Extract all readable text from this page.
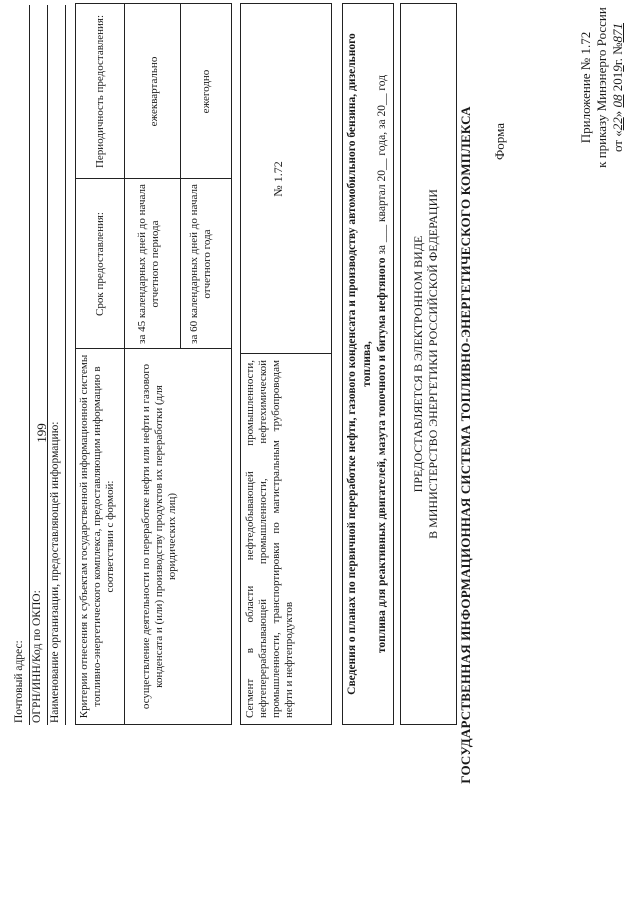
199
Приложение № 1.72 к приказу Минэнерго России от «22» 08 2019г. №871
Форма
ГОСУДАРСТВЕННАЯ ИНФОРМАЦИОННАЯ СИСТЕМА ТОПЛИВНО-ЭНЕРГЕТИЧЕСКОГО КОМПЛЕКСА
ПРЕДОСТАВЛЯЕТСЯ В ЭЛЕКТРОННОМ ВИДЕ В МИНИСТЕРСТВО ЭНЕРГЕТИКИ РОССИЙСКОЙ ФЕДЕРАЦИИ
Сведения о планах по первичной переработке нефти, газового конденсата и производству автомобильного бензина, дизельного топлива, топлива для реактивных двигателей, мазута топочного и битума нефтяного за ___ квартал 20__ года, за 20__ год
Сегмент в области нефтедобывающей промышленности, нефтеперерабатывающей промышленности, нефтехимической промышленности, транспортировки по магистральным трубопроводам нефти и нефтепродуктов
№ 1.72
Критерии отнесения к субъектам государственной информационной системы топливно-энергетического комплекса, предоставляющим информацию в соответствии с формой:
Срок предоставления:
Периодичность предоставления:
осуществление деятельности по переработке нефти или нефти и газового конденсата и (или) производству продуктов их переработки (для юридических лиц)
за 45 календарных дней до начала отчетного периода
ежеквартально
за 60 календарных дней до начала отчетного года
ежегодно
Наименование организации, предоставляющей информацию:
ОГРН/ИНН/Код по ОКПО:
Почтовый адрес:
